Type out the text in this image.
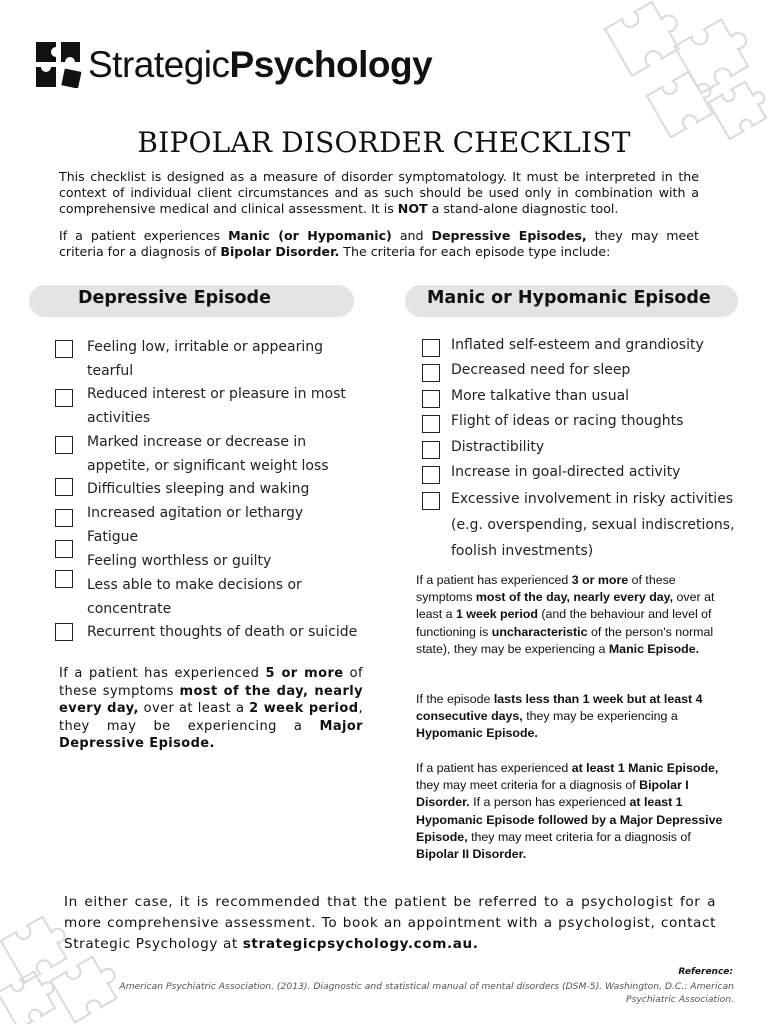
StrategicPsychology
BIPOLAR DISORDER CHECKLIST
This checklist is designed as a measure of disorder symptomatology. It must be interpreted in the context of individual client circumstances and as such should be used only in combination with a comprehensive medical and clinical assessment. It is NOT a stand-alone diagnostic tool.
If a patient experiences Manic (or Hypomanic) and Depressive Episodes, they may meet criteria for a diagnosis of Bipolar Disorder. The criteria for each episode type include:
Depressive Episode	Manic or Hypomanic Episode
Feeling low, irritable or appearing tearful
Reduced interest or pleasure in most activities
Marked increase or decrease in appetite, or significant weight loss
Difficulties sleeping and waking
Increased agitation or lethargy
Fatigue
Feeling worthless or guilty
Less able to make decisions or concentrate
Recurrent thoughts of death or suicide
If a patient has experienced 5 or more of these symptoms most of the day, nearly every day, over at least a 2 week period, they may be experiencing a Major Depressive Episode.
Inflated self-esteem and grandiosity
Decreased need for sleep
More talkative than usual
Flight of ideas or racing thoughts
Distractibility
Increase in goal-directed activity
Excessive involvement in risky activities (e.g. overspending, sexual indiscretions, foolish investments)
If a patient has experienced 3 or more of these symptoms most of the day, nearly every day, over at least a 1 week period (and the behaviour and level of functioning is uncharacteristic of the person's normal state), they may be experiencing a Manic Episode.
If the episode lasts less than 1 week but at least 4 consecutive days, they may be experiencing a Hypomanic Episode.
If a patient has experienced at least 1 Manic Episode, they may meet criteria for a diagnosis of Bipolar I Disorder. If a person has experienced at least 1 Hypomanic Episode followed by a Major Depressive Episode, they may meet criteria for a diagnosis of Bipolar II Disorder.
In either case, it is recommended that the patient be referred to a psychologist for a more comprehensive assessment. To book an appointment with a psychologist, contact Strategic Psychology at strategicpsychology.com.au.
Reference:
American Psychiatric Association. (2013). Diagnostic and statistical manual of mental disorders (DSM-5). Washington, D.C.: American Psychiatric Association.
